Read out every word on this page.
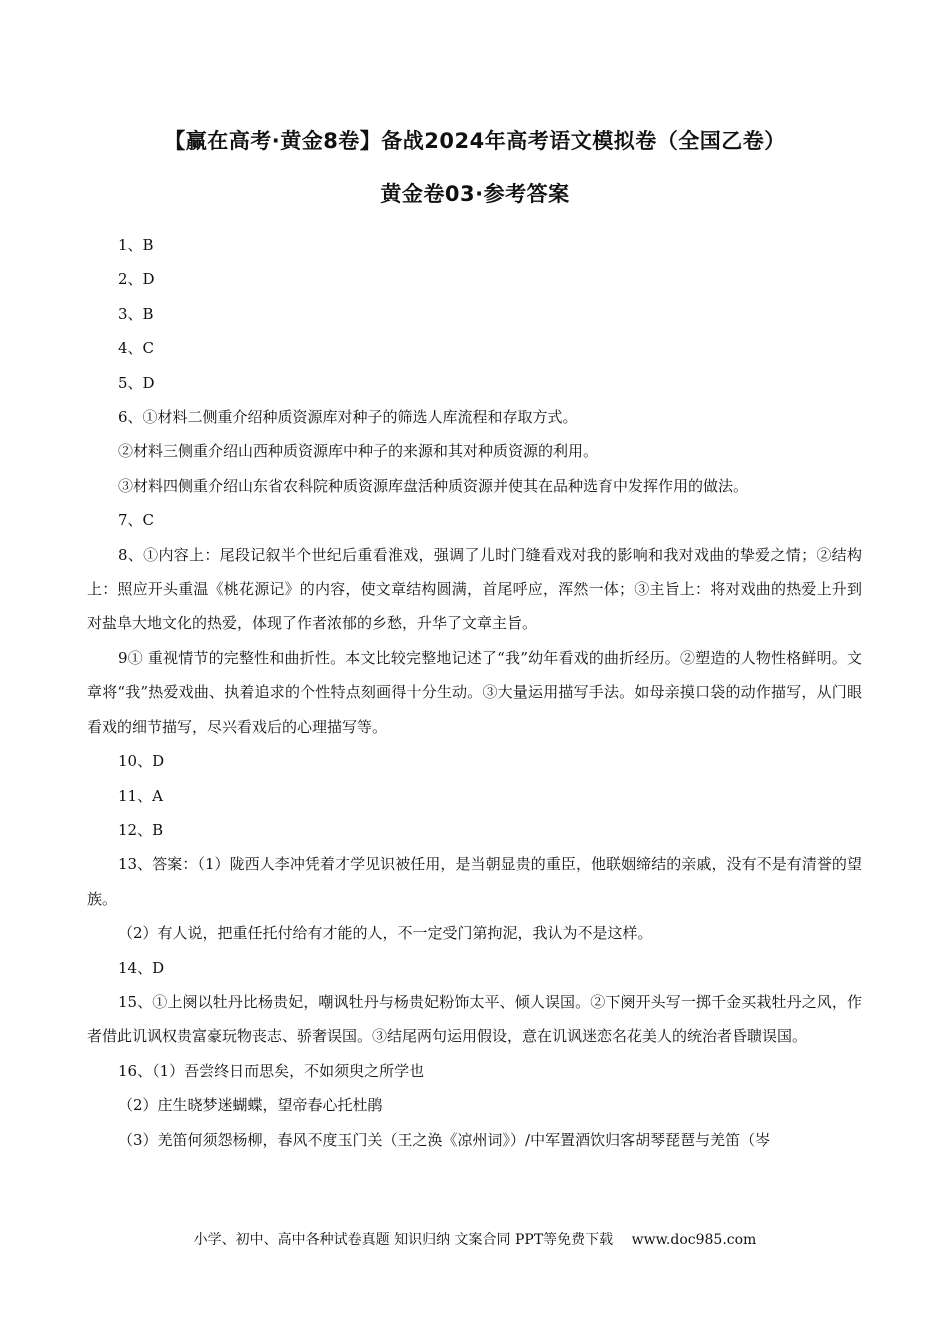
【赢在高考·黄金8卷】备战2024年高考语文模拟卷（全国乙卷）
黄金卷03·参考答案

1、B

2、D

3、B

4、C

5、D

6、①材料二侧重介绍种质资源库对种子的筛选人库流程和存取方式。

②材料三侧重介绍山西种质资源库中种子的来源和其对种质资源的利用。

③材料四侧重介绍山东省农科院种质资源库盘活种质资源并使其在品种选育中发挥作用的做法。

7、C

8、①内容上：尾段记叙半个世纪后重看淮戏，强调了儿时门缝看戏对我的影响和我对戏曲的挚爱之情；②结构上：照应开头重温《桃花源记》的内容，使文章结构圆满，首尾呼应，浑然一体；③主旨上：将对戏曲的热爱上升到对盐阜大地文化的热爱，体现了作者浓郁的乡愁，升华了文章主旨。

9① 重视情节的完整性和曲折性。本文比较完整地记述了“我”幼年看戏的曲折经历。②塑造的人物性格鲜明。文章将“我”热爱戏曲、执着追求的个性特点刻画得十分生动。③大量运用描写手法。如母亲摸口袋的动作描写，从门眼看戏的细节描写，尽兴看戏后的心理描写等。

10、D

11、A

12、B

13、答案：（1）陇西人李冲凭着才学见识被任用，是当朝显贵的重臣，他联姻缔结的亲戚，没有不是有清誉的望族。

（2）有人说，把重任托付给有才能的人，不一定受门第拘泥，我认为不是这样。

14、D

15、①上阕以牡丹比杨贵妃，嘲讽牡丹与杨贵妃粉饰太平、倾人误国。②下阕开头写一掷千金买栽牡丹之风，作者借此讥讽权贵富豪玩物丧志、骄奢误国。③结尾两句运用假设，意在讥讽迷恋名花美人的统治者昏聩误国。

16、（1）吾尝终日而思矣，不如须臾之所学也

（2）庄生晓梦迷蝴蝶，望帝春心托杜鹃

（3）羌笛何须怨杨柳，春风不度玉门关（王之涣《凉州词》）/中军置酒饮归客胡琴琵琶与羌笛（岑

小学、初中、高中各种试卷真题 知识归纳 文案合同 PPT等免费下载 www.doc985.com
